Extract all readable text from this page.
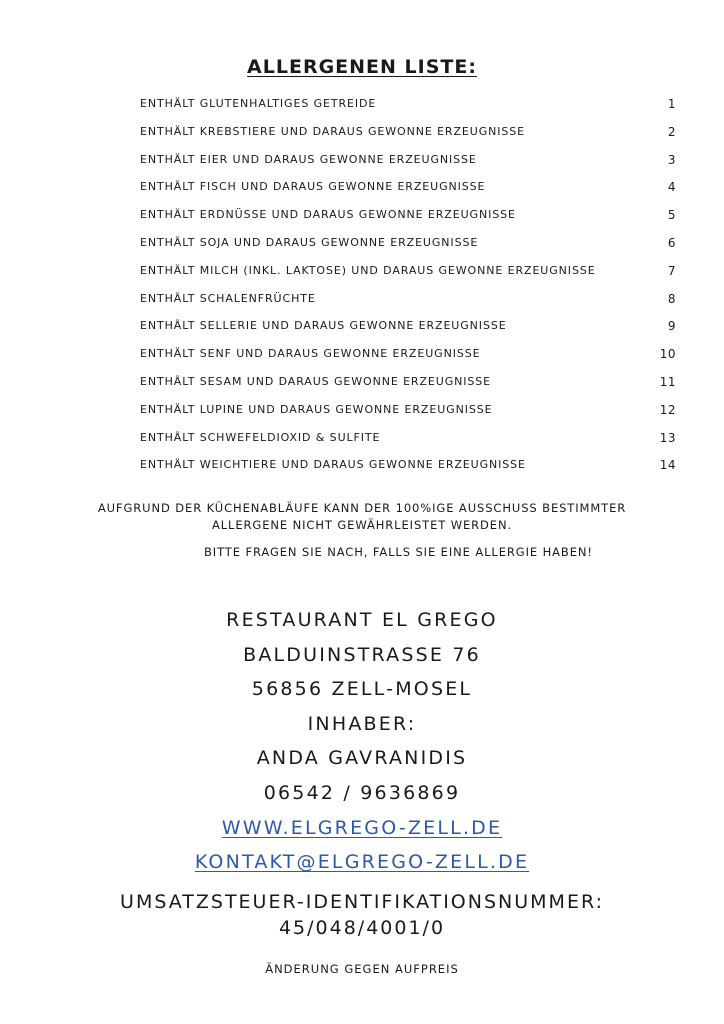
ALLERGENEN LISTE:
ENTHÄLT GLUTENHALTIGES GETREIDE	1
ENTHÄLT KREBSTIERE UND DARAUS GEWONNE ERZEUGNISSE	2
ENTHÄLT EIER UND DARAUS GEWONNE ERZEUGNISSE	3
ENTHÄLT FISCH UND DARAUS GEWONNE ERZEUGNISSE	4
ENTHÄLT ERDNÜSSE UND DARAUS GEWONNE ERZEUGNISSE	5
ENTHÄLT SOJA UND DARAUS GEWONNE ERZEUGNISSE	6
ENTHÄLT MILCH (INKL. LAKTOSE) UND DARAUS GEWONNE ERZEUGNISSE	7
ENTHÄLT SCHALENFRÜCHTE	8
ENTHÄLT SELLERIE UND DARAUS GEWONNE ERZEUGNISSE	9
ENTHÄLT SENF UND DARAUS GEWONNE ERZEUGNISSE	10
ENTHÄLT SESAM UND DARAUS GEWONNE ERZEUGNISSE	11
ENTHÄLT LUPINE UND DARAUS GEWONNE ERZEUGNISSE	12
ENTHÄLT SCHWEFELDIOXID & SULFITE	13
ENTHÄLT WEICHTIERE UND DARAUS GEWONNE ERZEUGNISSE	14
AUFGRUND DER KÜCHENABLÄUFE KANN DER 100%IGE AUSSCHUSS BESTIMMTER
ALLERGENE NICHT GEWÄHRLEISTET WERDEN.
BITTE FRAGEN SIE NACH, FALLS SIE EINE ALLERGIE HABEN!
RESTAURANT EL GREGO
BALDUINSTRASSE 76
56856 ZELL-MOSEL
INHABER:
ANDA GAVRANIDIS
06542 / 9636869
WWW.ELGREGO-ZELL.DE
KONTAKT@ELGREGO-ZELL.DE
UMSATZSTEUER-IDENTIFIKATIONSNUMMER:
45/048/4001/0
ÄNDERUNG GEGEN AUFPREIS
